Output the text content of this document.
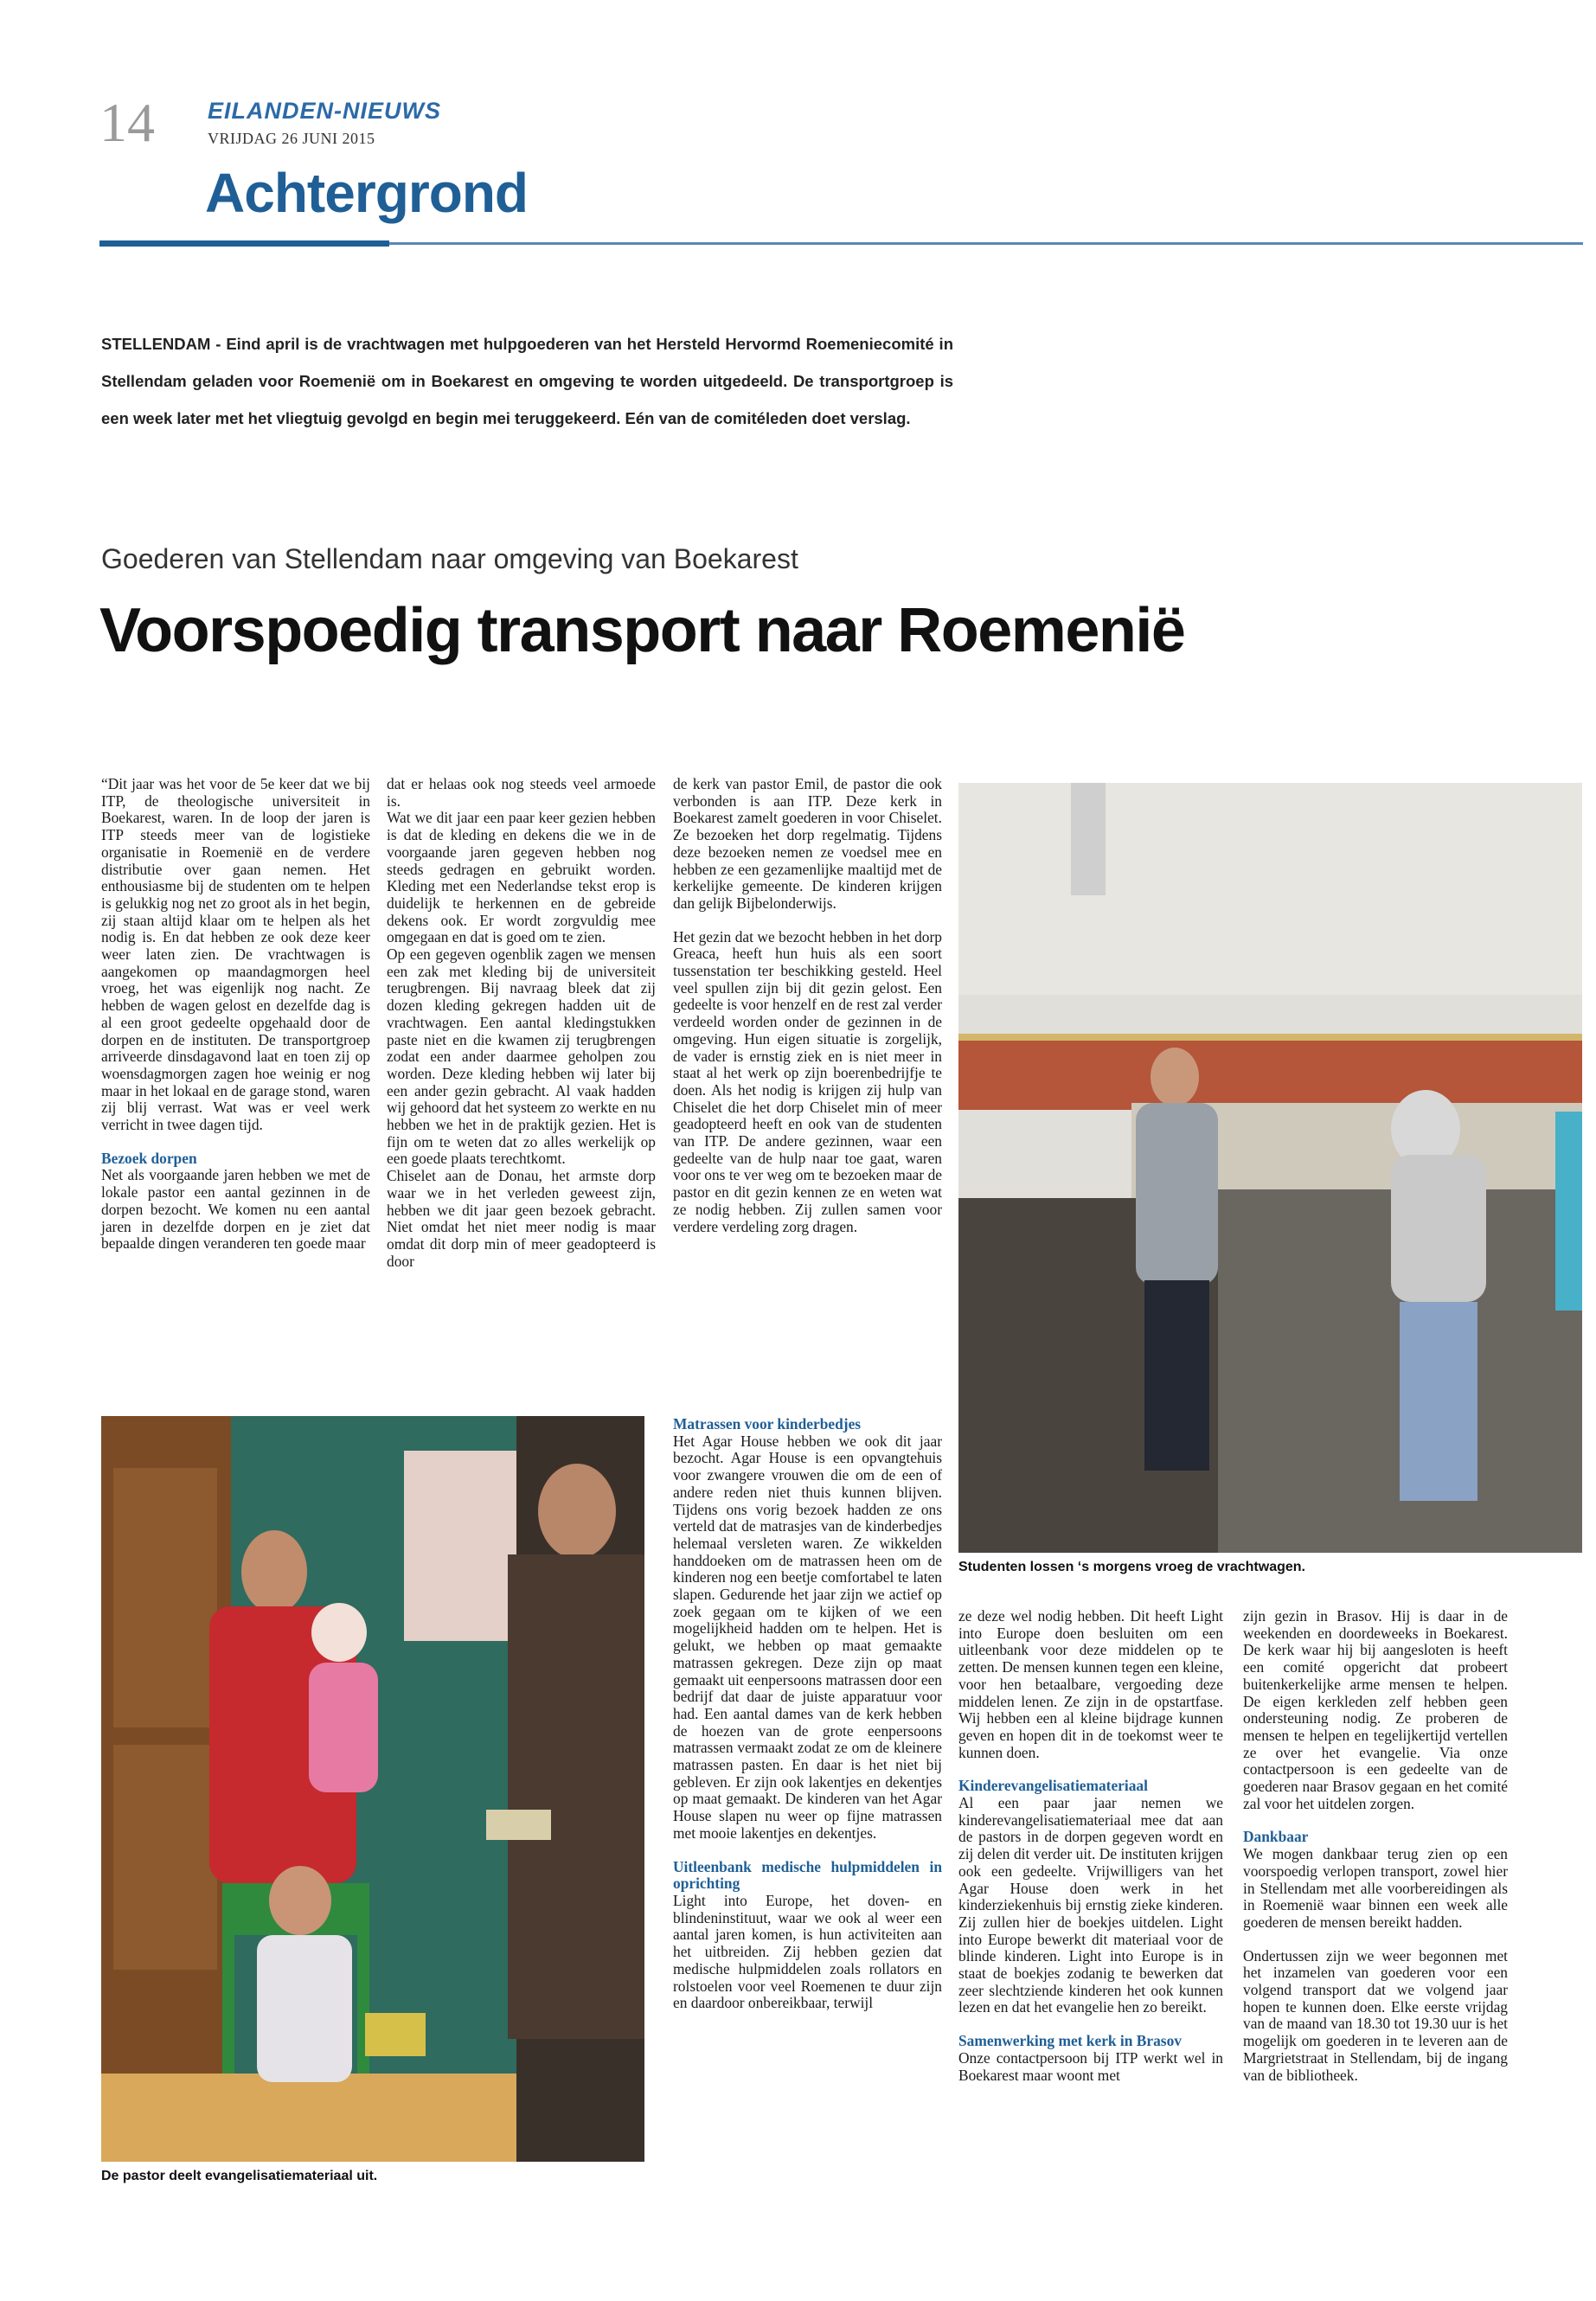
14 EILANDEN-NIEUWS
VRIJDAG 26 JUNI 2015
Achtergrond
STELLENDAM - Eind april is de vrachtwagen met hulpgoederen van het Hersteld Hervormd Roemeniecomité in Stellendam geladen voor Roemenië om in Boekarest en omgeving te worden uitgedeeld. De transportgroep is een week later met het vliegtuig gevolgd en begin mei teruggekeerd. Eén van de comitéleden doet verslag.
Goederen van Stellendam naar omgeving van Boekarest
Voorspoedig transport naar Roemenië

“Dit jaar was het voor de 5e keer dat we bij ITP, de theologische universiteit in Boekarest, waren. In de loop der jaren is ITP steeds meer van de logistieke organisatie in Roemenië en de verdere distributie over gaan nemen. Het enthousiasme bij de studenten om te helpen is gelukkig nog net zo groot als in het begin, zij staan altijd klaar om te helpen als het nodig is. En dat hebben ze ook deze keer weer laten zien. De vrachtwagen is aangekomen op maandagmorgen heel vroeg, het was eigenlijk nog nacht. Ze hebben de wagen gelost en dezelfde dag is al een groot gedeelte opgehaald door de dorpen en de instituten. De transportgroep arriveerde dinsdagavond laat en toen zij op woensdagmorgen zagen hoe weinig er nog maar in het lokaal en de garage stond, waren zij blij verrast. Wat was er veel werk verricht in twee dagen tijd.

Bezoek dorpen

Net als voorgaande jaren hebben we met de lokale pastor een aantal gezinnen in de dorpen bezocht. We komen nu een aantal jaren in dezelfde dorpen en je ziet dat bepaalde dingen veranderen ten goede maar

dat er helaas ook nog steeds veel armoede is.

Wat we dit jaar een paar keer gezien hebben is dat de kleding en dekens die we in de voorgaande jaren gegeven hebben nog steeds gedragen en gebruikt worden. Kleding met een Nederlandse tekst erop is duidelijk te herkennen en de gebreide dekens ook. Er wordt zorgvuldig mee omgegaan en dat is goed om te zien.

Op een gegeven ogenblik zagen we mensen een zak met kleding bij de universiteit terugbrengen. Bij navraag bleek dat zij dozen kleding gekregen hadden uit de vrachtwagen. Een aantal kledingstukken paste niet en die kwamen zij terugbrengen zodat een ander daarmee geholpen zou worden. Deze kleding hebben wij later bij een ander gezin gebracht. Al vaak hadden wij gehoord dat het systeem zo werkte en nu hebben we het in de praktijk gezien. Het is fijn om te weten dat zo alles werkelijk op een goede plaats terechtkomt.

Chiselet aan de Donau, het armste dorp waar we in het verleden geweest zijn, hebben we dit jaar geen bezoek gebracht. Niet omdat het niet meer nodig is maar omdat dit dorp min of meer geadopteerd is door

de kerk van pastor Emil, de pastor die ook verbonden is aan ITP. Deze kerk in Boekarest zamelt goederen in voor Chiselet. Ze bezoeken het dorp regelmatig. Tijdens deze bezoeken nemen ze voedsel mee en hebben ze een gezamenlijke maaltijd met de kerkelijke gemeente. De kinderen krijgen dan gelijk Bijbelonderwijs.

Het gezin dat we bezocht hebben in het dorp Greaca, heeft hun huis als een soort tussenstation ter beschikking gesteld. Heel veel spullen zijn bij dit gezin gelost. Een gedeelte is voor henzelf en de rest zal verder verdeeld worden onder de gezinnen in de omgeving. Hun eigen situatie is zorgelijk, de vader is ernstig ziek en is niet meer in staat al het werk op zijn boerenbedrijfje te doen. Als het nodig is krijgen zij hulp van Chiselet die het dorp Chiselet min of meer geadopteerd heeft en ook van de studenten van ITP. De andere gezinnen, waar een gedeelte van de hulp naar toe gaat, waren voor ons te ver weg om te bezoeken maar de pastor en dit gezin kennen ze en weten wat ze nodig hebben. Zij zullen samen voor verdere verdeling zorg dragen.

Matrassen voor kinderbedjes

Het Agar House hebben we ook dit jaar bezocht. Agar House is een opvangtehuis voor zwangere vrouwen die om de een of andere reden niet thuis kunnen blijven. Tijdens ons vorig bezoek hadden ze ons verteld dat de matrasjes van de kinderbedjes helemaal versleten waren. Ze wikkelden handdoeken om de matrassen heen om de kinderen nog een beetje comfortabel te laten slapen. Gedurende het jaar zijn we actief op zoek gegaan om te kijken of we een mogelijkheid hadden om te helpen. Het is gelukt, we hebben op maat gemaakte matrassen gekregen. Deze zijn op maat gemaakt uit eenpersoons matrassen door een bedrijf dat daar de juiste apparatuur voor had. Een aantal dames van de kerk hebben de hoezen van de grote eenpersoons matrassen vermaakt zodat ze om de kleinere matrassen pasten. En daar is het niet bij gebleven. Er zijn ook lakentjes en dekentjes op maat gemaakt. De kinderen van het Agar House slapen nu weer op fijne matrassen met mooie lakentjes en dekentjes.

Uitleenbank medische hulpmiddelen in oprichting

Light into Europe, het doven- en blindeninstituut, waar we ook al weer een aantal jaren komen, is hun activiteiten aan het uitbreiden. Zij hebben gezien dat medische hulpmiddelen zoals rollators en rolstoelen voor veel Roemenen te duur zijn en daardoor onbereikbaar, terwijl

ze deze wel nodig hebben. Dit heeft Light into Europe doen besluiten om een uitleenbank voor deze middelen op te zetten. De mensen kunnen tegen een kleine, voor hen betaalbare, vergoeding deze middelen lenen. Ze zijn in de opstartfase. Wij hebben een al kleine bijdrage kunnen geven en hopen dit in de toekomst weer te kunnen doen.

Kinderevangelisatiemateriaal

Al een paar jaar nemen we kinderevangelisatiemateriaal mee dat aan de pastors in de dorpen gegeven wordt en zij delen dit verder uit. De instituten krijgen ook een gedeelte. Vrijwilligers van het Agar House doen werk in het kinderziekenhuis bij ernstig zieke kinderen. Zij zullen hier de boekjes uitdelen. Light into Europe bewerkt dit materiaal voor de blinde kinderen. Light into Europe is in staat de boekjes zodanig te bewerken dat zeer slechtziende kinderen het ook kunnen lezen en dat het evangelie hen zo bereikt.

Samenwerking met kerk in Brasov

Onze contactpersoon bij ITP werkt wel in Boekarest maar woont met

zijn gezin in Brasov. Hij is daar in de weekenden en doordeweeks in Boekarest. De kerk waar hij bij aangesloten is heeft een comité opgericht dat probeert buitenkerkelijke arme mensen te helpen. De eigen kerkleden zelf hebben geen ondersteuning nodig. Ze proberen de mensen te helpen en tegelijkertijd vertellen ze over het evangelie. Via onze contactpersoon is een gedeelte van de goederen naar Brasov gegaan en het comité zal voor het uitdelen zorgen.

Dankbaar

We mogen dankbaar terug zien op een voorspoedig verlopen transport, zowel hier in Stellendam met alle voorbereidingen als in Roemenië waar binnen een week alle goederen de mensen bereikt hadden.

Ondertussen zijn we weer begonnen met het inzamelen van goederen voor een volgend transport dat we volgend jaar hopen te kunnen doen. Elke eerste vrijdag van de maand van 18.30 tot 19.30 uur is het mogelijk om goederen in te leveren aan de Margrietstraat in Stellendam, bij de ingang van de bibliotheek.

Studenten lossen ‘s morgens vroeg de vrachtwagen.
De pastor deelt evangelisatiemateriaal uit.
